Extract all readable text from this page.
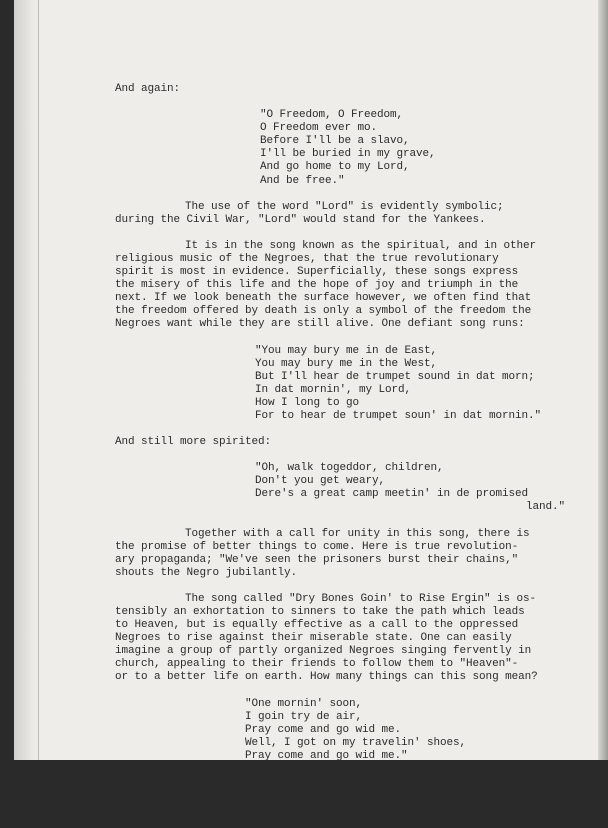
And again:
"O Freedom, O Freedom,
O Freedom ever mo.
Before I'll be a slavo,
I'll be buried in my grave,
And go home to my Lord,
And be free."
The use of the word "Lord" is evidently symbolic;
during the Civil War, "Lord" would stand for the Yankees.
It is in the song known as the spiritual, and in other
religious music of the Negroes, that the true revolutionary
spirit is most in evidence. Superficially, these songs express
the misery of this life and the hope of joy and triumph in the
next. If we look beneath the surface however, we often find that
the freedom offered by death is only a symbol of the freedom the
Negroes want while they are still alive. One defiant song runs:
"You may bury me in de East,
You may bury me in the West,
But I'll hear de trumpet sound in dat morn;
In dat mornin', my Lord,
How I long to go
For to hear de trumpet soun' in dat mornin."
And still more spirited:
"Oh, walk togeddor, children,
Don't you get weary,
Dere's a great camp meetin' in de promised
land."
Together with a call for unity in this song, there is
the promise of better things to come. Here is true revolution-
ary propaganda; "We've seen the prisoners burst their chains,"
shouts the Negro jubilantly.
The song called "Dry Bones Goin' to Rise Ergin" is os-
tensibly an exhortation to sinners to take the path which leads
to Heaven, but is equally effective as a call to the oppressed
Negroes to rise against their miserable state. One can easily
imagine a group of partly organized Negroes singing fervently in
church, appealing to their friends to follow them to "Heaven"-
or to a better life on earth. How many things can this song mean?
"One mornin' soon,
I goin try de air,
Pray come and go wid me.
Well, I got on my travelin' shoes,
Pray come and go wid me."
The Negro cries aloud for his freedom, for the right
to exist. Through his songs he calls upon his people to live.
**********
